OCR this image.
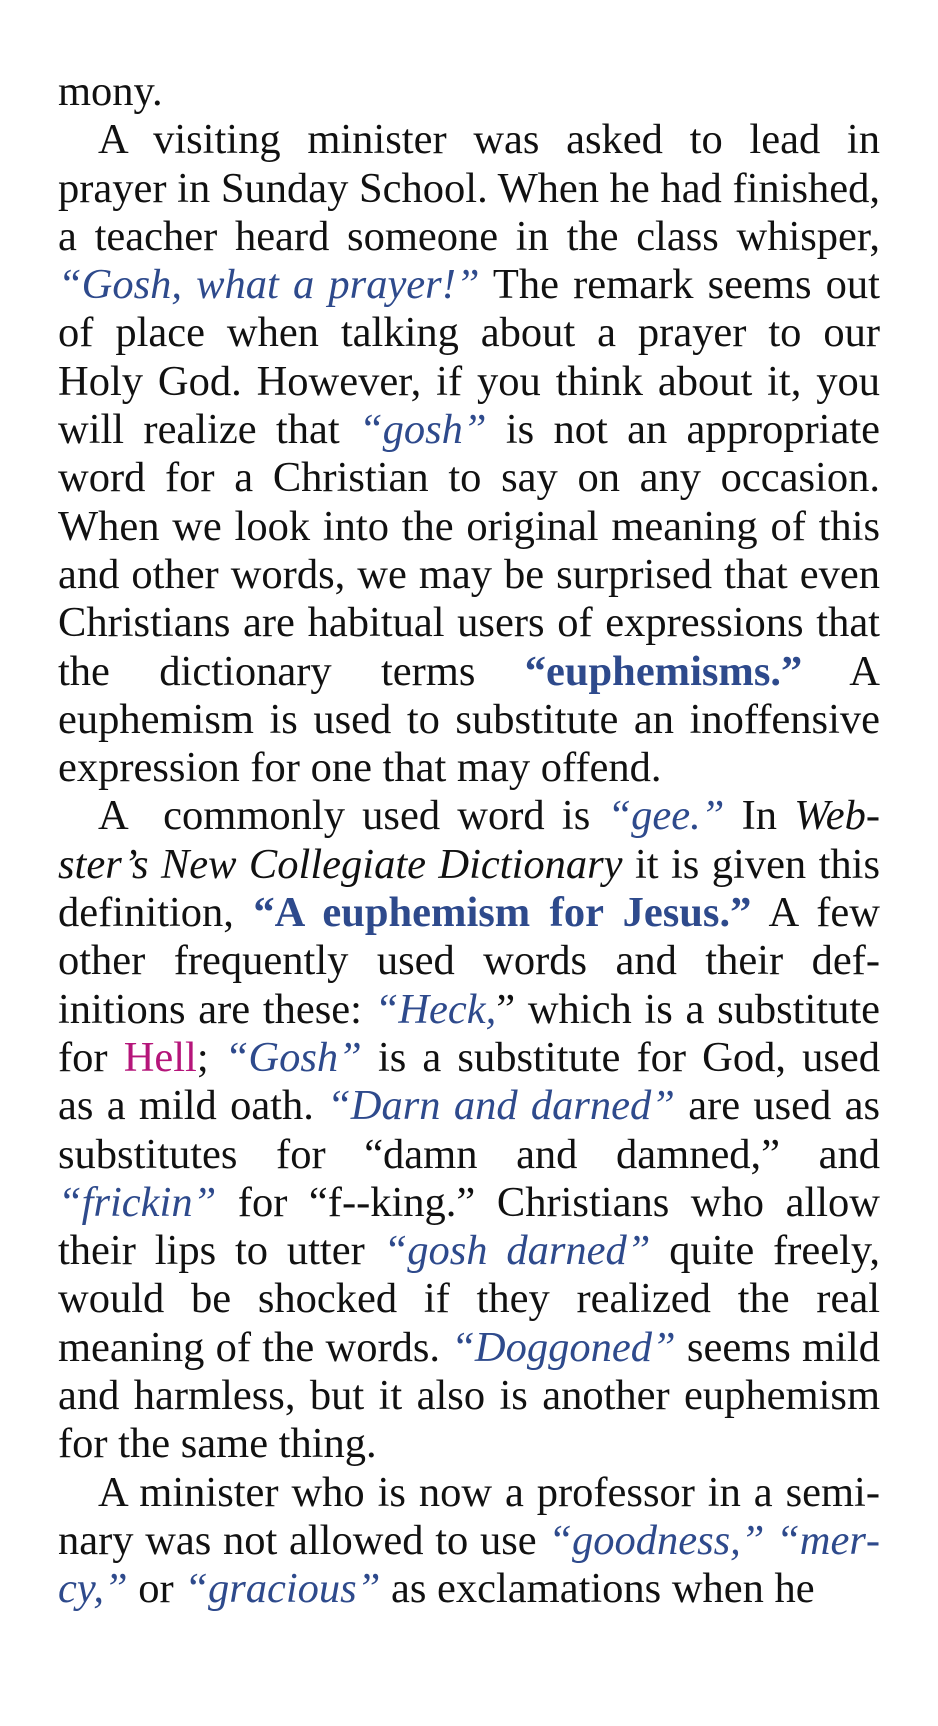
mony.

A visiting minister was asked to lead in prayer in Sunday School. When he had finished, a teacher heard someone in the class whisper, “Gosh, what a prayer!” The remark seems out of place when talking about a prayer to our Holy God. However, if you think about it, you will realize that “gosh” is not an appropriate word for a Christian to say on any occasion. When we look into the original meaning of this and other words, we may be surprised that even Christians are habitual users of expressions that the dictionary terms “euphemisms.” A euphemism is used to substitute an inoffensive expression for one that may offend.

A  commonly used word is “gee.” In Webster’s New Collegiate Dictionary it is given this definition, “A euphemism for Jesus.” A few other frequently used words and their definitions are these: “Heck,” which is a substitute for Hell; “Gosh” is a substitute for God, used as a mild oath. “Darn and darned” are used as substitutes for “damn and damned,” and “frickin” for “f--king.” Christians who allow their lips to utter “gosh darned” quite freely, would be shocked if they realized the real meaning of the words. “Doggoned” seems mild and harmless, but it also is another euphemism for the same thing.

A minister who is now a professor in a seminary was not allowed to use “goodness,” “mercy,” or “gracious” as exclamations when he
